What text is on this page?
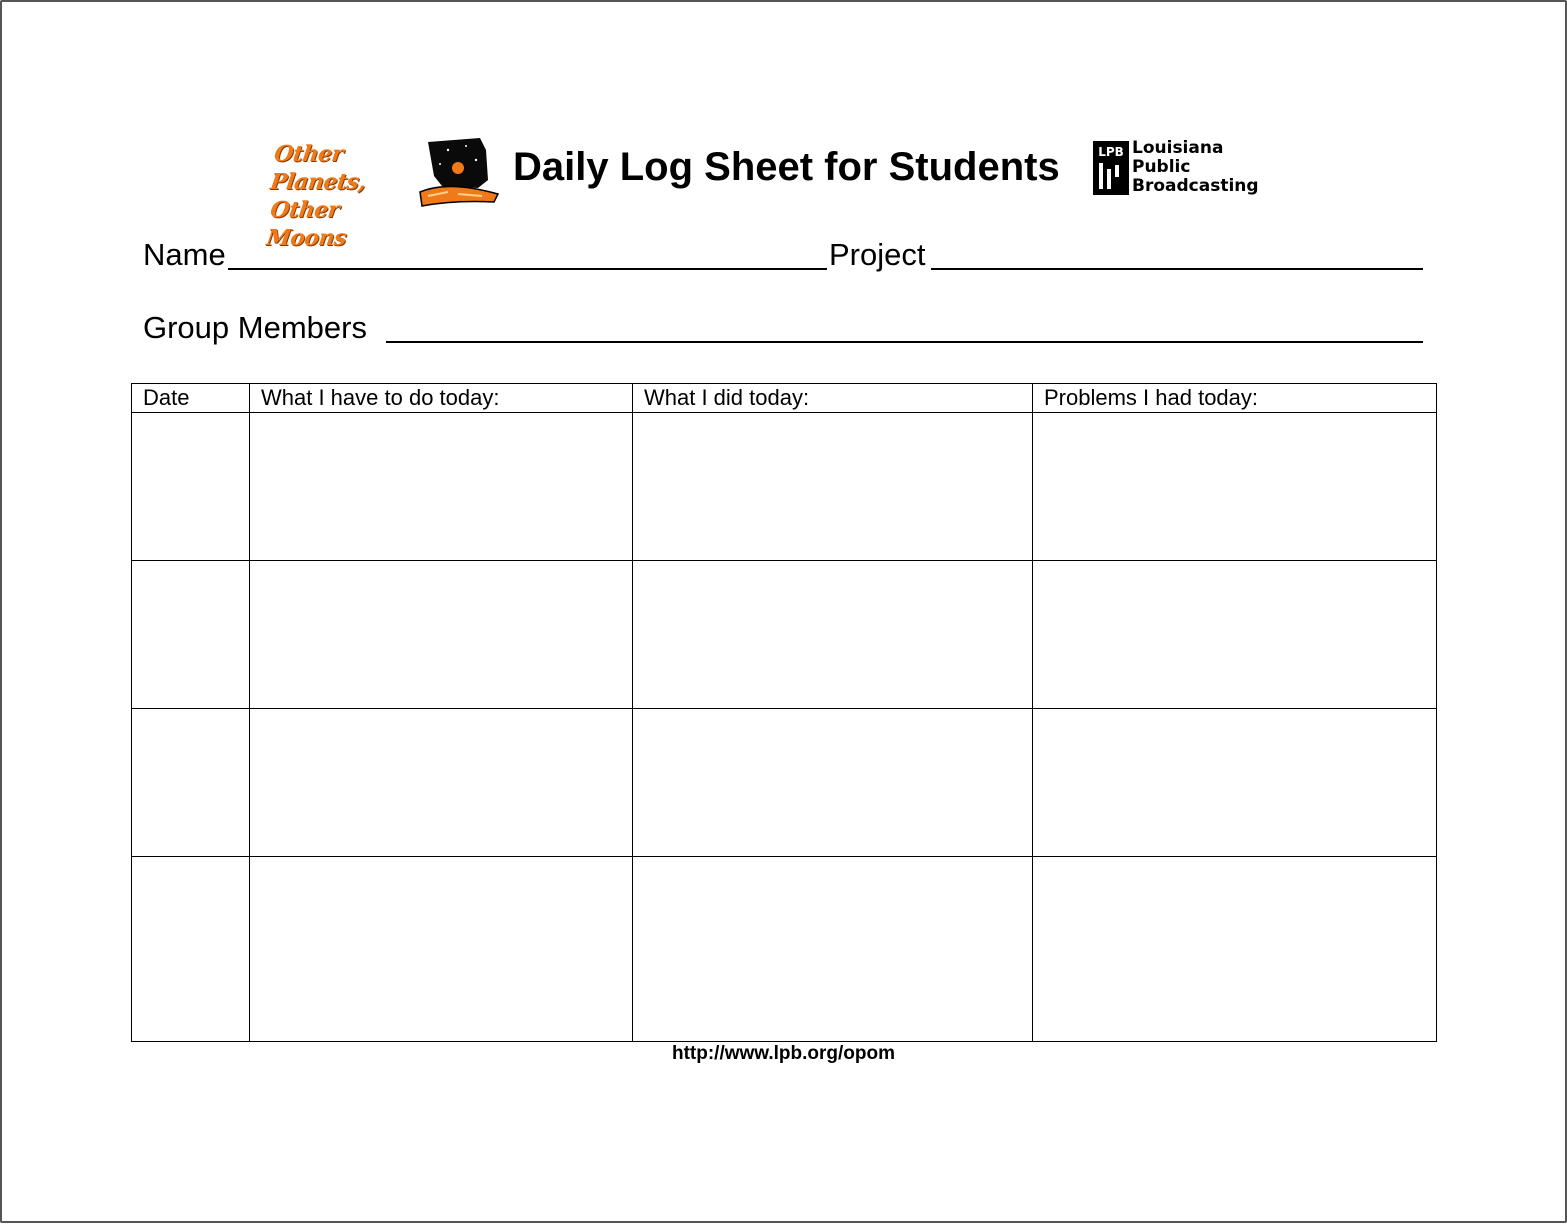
Other Planets,
Other Moons
Daily Log Sheet for Students	LPB Louisiana
Public
Broadcasting
Name	Project
Group Members
Date	What I have to do today:	What I did today:	Problems I had today:

http://www.lpb.org/opom
